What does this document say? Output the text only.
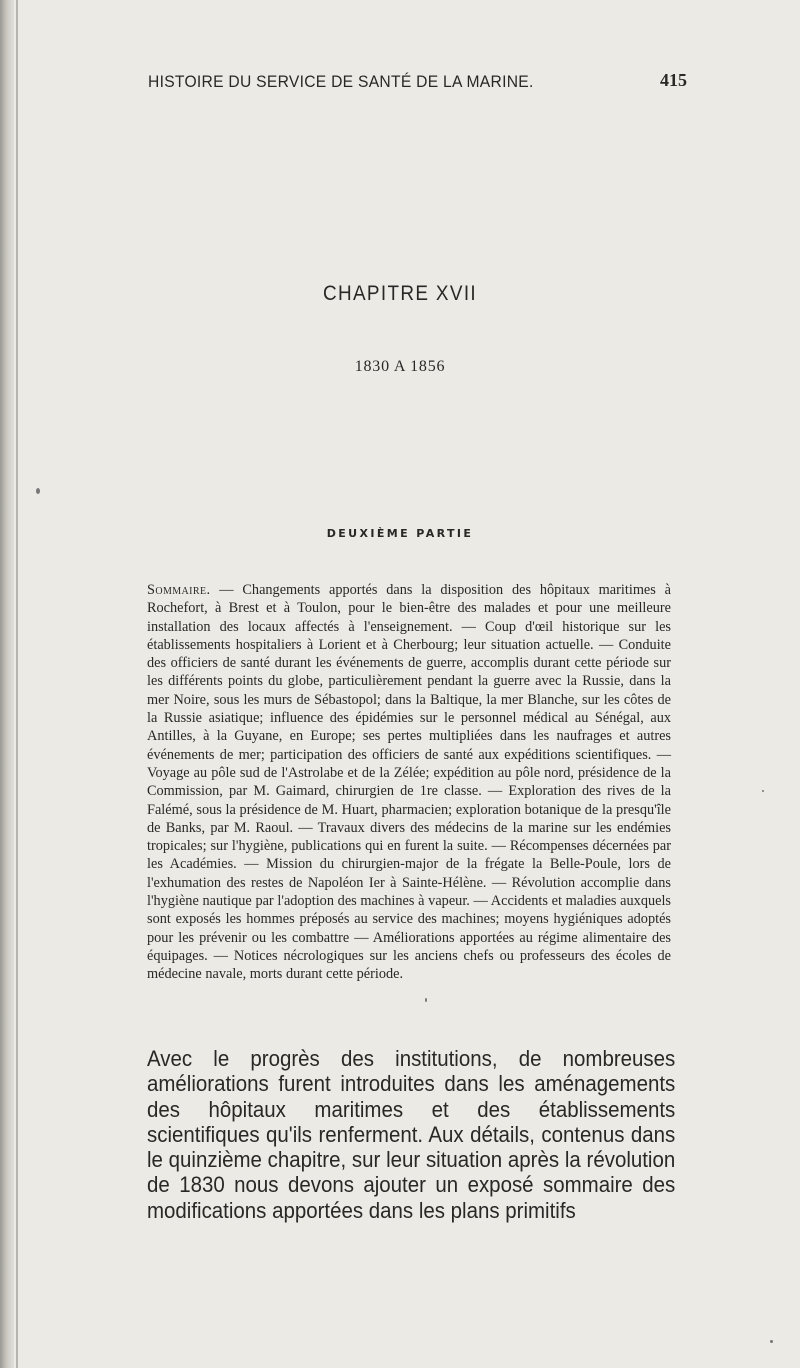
HISTOIRE DU SERVICE DE SANTÉ DE LA MARINE.	415
CHAPITRE XVII
1830 A 1856
DEUXIÈME PARTIE
Sommaire. — Changements apportés dans la disposition des hôpitaux maritimes à Rochefort, à Brest et à Toulon, pour le bien-être des malades et pour une meilleure installation des locaux affectés à l'enseignement. — Coup d'œil historique sur les établissements hospitaliers à Lorient et à Cherbourg; leur situation actuelle. — Conduite des officiers de santé durant les événements de guerre, accomplis durant cette période sur les différents points du globe, particulièrement pendant la guerre avec la Russie, dans la mer Noire, sous les murs de Sébastopol; dans la Baltique, la mer Blanche, sur les côtes de la Russie asiatique; influence des épidémies sur le personnel médical au Sénégal, aux Antilles, à la Guyane, en Europe; ses pertes multipliées dans les naufrages et autres événements de mer; participation des officiers de santé aux expéditions scientifiques. — Voyage au pôle sud de l'Astrolabe et de la Zélée; expédition au pôle nord, présidence de la Commission, par M. Gaimard, chirurgien de 1re classe. — Exploration des rives de la Falémé, sous la présidence de M. Huart, pharmacien; exploration botanique de la presqu'île de Banks, par M. Raoul. — Travaux divers des médecins de la marine sur les endémies tropicales; sur l'hygiène, publications qui en furent la suite. — Récompenses décernées par les Académies. — Mission du chirurgien-major de la frégate la Belle-Poule, lors de l'exhumation des restes de Napoléon Ier à Sainte-Hélène. — Révolution accomplie dans l'hygiène nautique par l'adoption des machines à vapeur. — Accidents et maladies auxquels sont exposés les hommes préposés au service des machines; moyens hygiéniques adoptés pour les prévenir ou les combattre — Améliorations apportées au régime alimentaire des équipages. — Notices nécrologiques sur les anciens chefs ou professeurs des écoles de médecine navale, morts durant cette période.
Avec le progrès des institutions, de nombreuses améliorations furent introduites dans les aménagements des hôpitaux maritimes et des établissements scientifiques qu'ils renferment. Aux détails, contenus dans le quinzième chapitre, sur leur situation après la révolution de 1830 nous devons ajouter un exposé sommaire des modifications apportées dans les plans primitifs
